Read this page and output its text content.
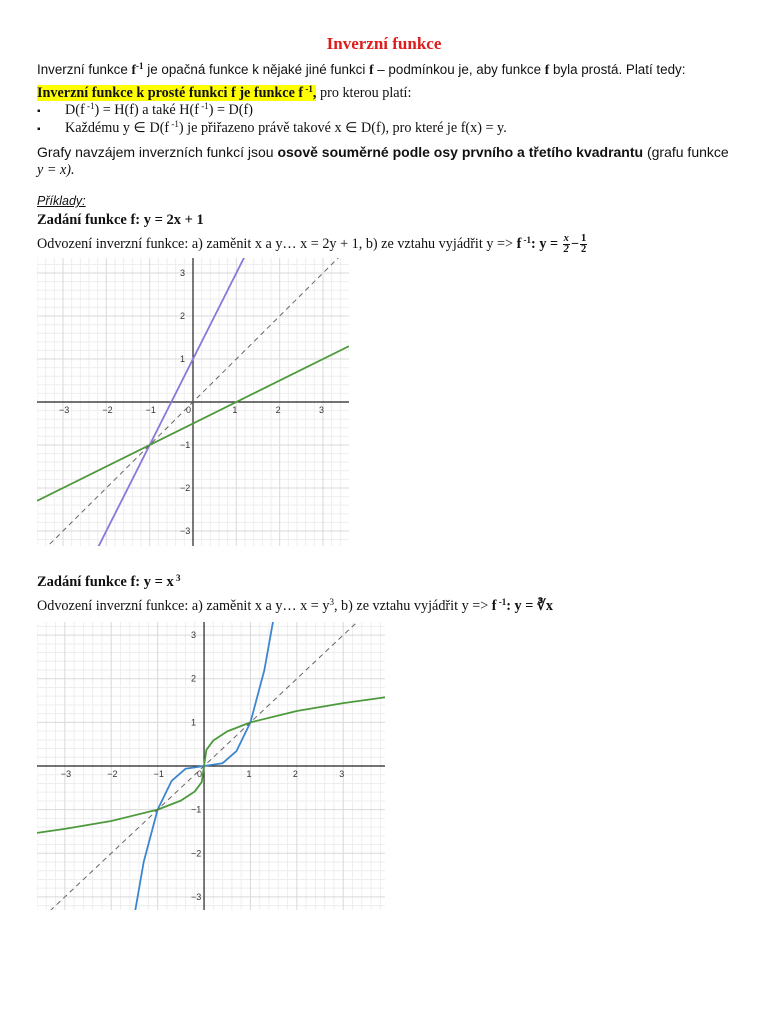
Inverzní funkce
Inverzní funkce $f^{-1}$ je opačná funkce k nějaké jiné funkci f – podmínkou je, aby funkce f byla prostá. Platí tedy:
Inverzní funkce k prosté funkci f je funkce f $^{-1}$, pro kterou platí:
▪ D(f $^{-1}$) = H(f) a také H(f $^{-1}$) = D(f)
▪ Každému y ∈ D(f $^{-1}$) je přiřazeno právě takové x ∈ D(f), pro které je f(x) = y.
Grafy navzájem inverzních funkcí jsou osově souměrné podle osy prvního a třetího kvadrantu (grafu funkce
y = x).
Příklady:
Zadání funkce f: y = 2x + 1
Odvození inverzní funkce: a) zaměnit x a y… x = 2y + 1, b) ze vztahu vyjádřit y => f $^{-1}$: $y = \frac{x}{2} - \frac{1}{2}$
−3	−2	−1	0	1	2	3
−3
−2
−1
1
2
3
Zadání funkce f: y = x $^3$
Odvození inverzní funkce: a) zaměnit x a y… $x = y^3$, b) ze vztahu vyjádřit y => f $^{-1}$: y = ∛x
−3	−2	−1	0	1	2	3
−3
−2
−1
1
2
3
